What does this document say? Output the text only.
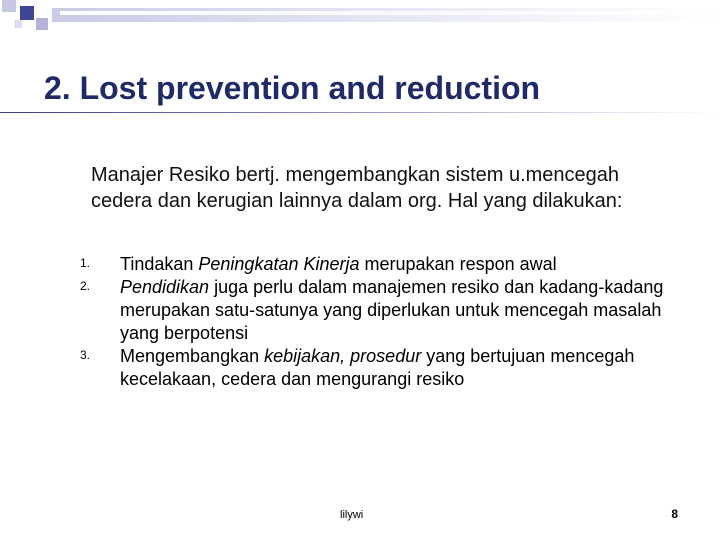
2. Lost prevention and reduction
Manajer Resiko bertj. mengembangkan sistem u.mencegah cedera dan kerugian lainnya dalam org. Hal yang dilakukan:
1. Tindakan Peningkatan Kinerja merupakan respon awal
2. Pendidikan juga perlu dalam manajemen resiko dan kadang-kadang merupakan satu-satunya yang diperlukan untuk mencegah masalah yang berpotensi
3. Mengembangkan kebijakan, prosedur yang bertujuan mencegah kecelakaan, cedera dan mengurangi resiko
lilywi	8
